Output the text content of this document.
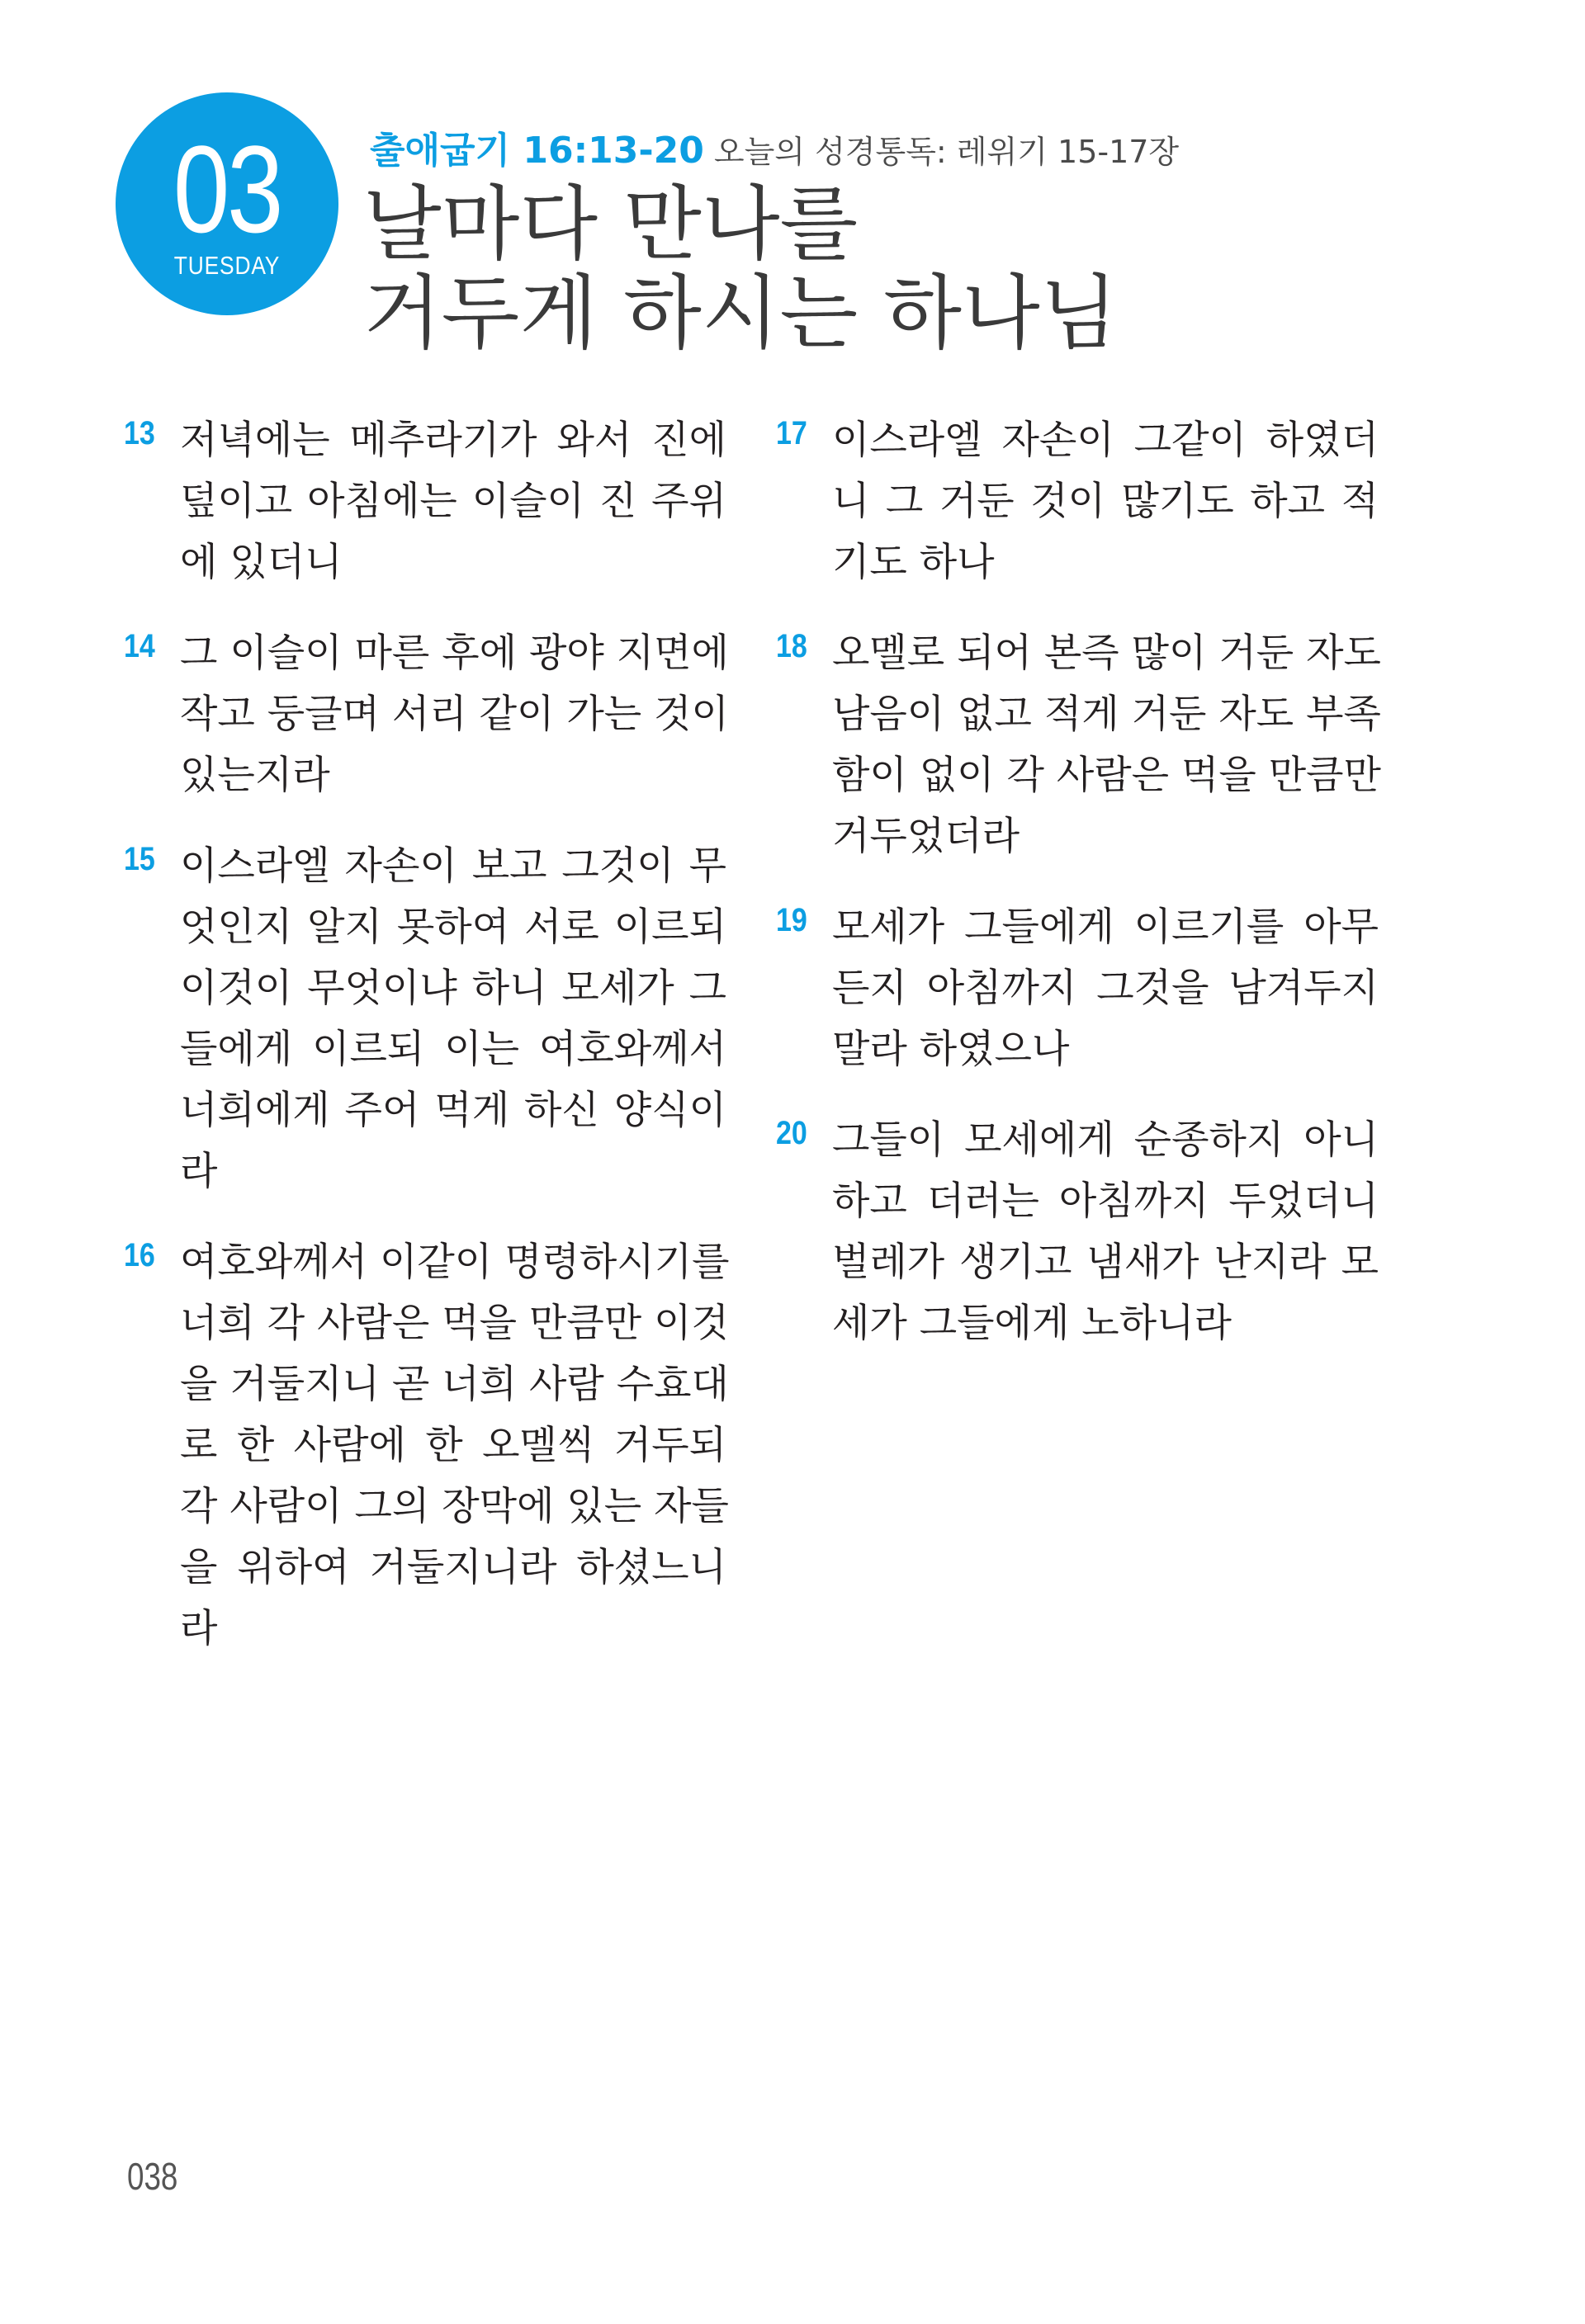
03
TUESDAY
출애굽기 16:13-20 오늘의 성경통독: 레위기 15-17장
날마다 만나를
거두게 하시는 하나님
13 저녁에는 메추라기가 와서 진에
덮이고 아침에는 이슬이 진 주위
에 있더니
14 그 이슬이 마른 후에 광야 지면에
작고 둥글며 서리 같이 가는 것이
있는지라
15 이스라엘 자손이 보고 그것이 무
엇인지 알지 못하여 서로 이르되
이것이 무엇이냐 하니 모세가 그
들에게 이르되 이는 여호와께서
너희에게 주어 먹게 하신 양식이
라
16 여호와께서 이같이 명령하시기를
너희 각 사람은 먹을 만큼만 이것
을 거둘지니 곧 너희 사람 수효대
로 한 사람에 한 오멜씩 거두되
각 사람이 그의 장막에 있는 자들
을 위하여 거둘지니라 하셨느니
라
17 이스라엘 자손이 그같이 하였더
니 그 거둔 것이 많기도 하고 적
기도 하나
18 오멜로 되어 본즉 많이 거둔 자도
남음이 없고 적게 거둔 자도 부족
함이 없이 각 사람은 먹을 만큼만
거두었더라
19 모세가 그들에게 이르기를 아무
든지 아침까지 그것을 남겨두지
말라 하였으나
20 그들이 모세에게 순종하지 아니
하고 더러는 아침까지 두었더니
벌레가 생기고 냄새가 난지라 모
세가 그들에게 노하니라
038
